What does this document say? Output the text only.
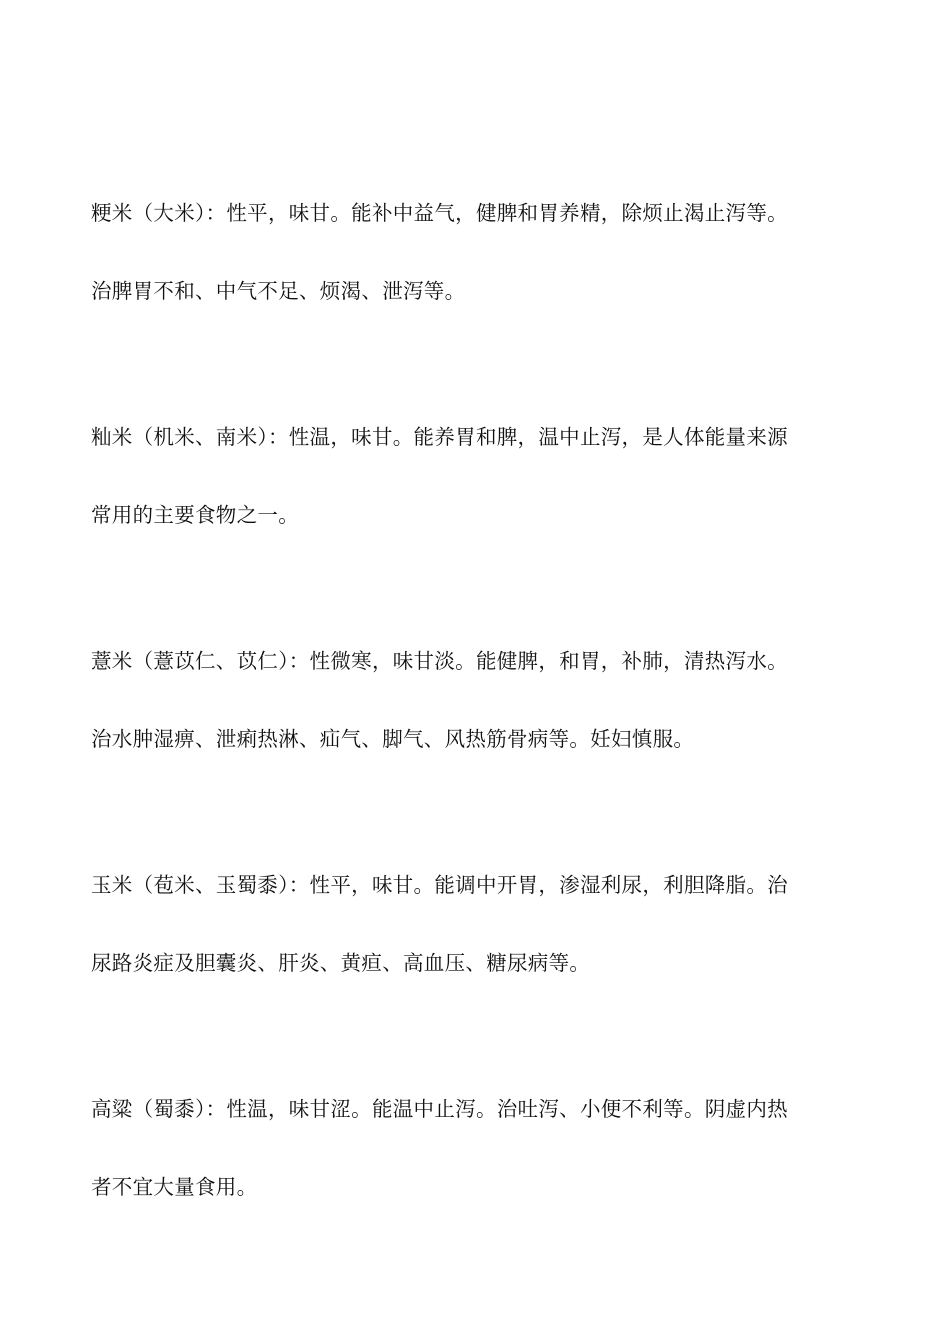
粳米（大米）：性平，味甘。能补中益气，健脾和胃养精，除烦止渴止泻等。
治脾胃不和、中气不足、烦渴、泄泻等。
籼米（机米、南米）：性温，味甘。能养胃和脾，温中止泻，是人体能量来源
常用的主要食物之一。
薏米（薏苡仁、苡仁）：性微寒，味甘淡。能健脾，和胃，补肺，清热泻水。
治水肿湿痹、泄痢热淋、疝气、脚气、风热筋骨病等。妊妇慎服。
玉米（苞米、玉蜀黍）：性平，味甘。能调中开胃，渗湿利尿，利胆降脂。治
尿路炎症及胆囊炎、肝炎、黄疸、高血压、糖尿病等。
高粱（蜀黍）：性温，味甘涩。能温中止泻。治吐泻、小便不利等。阴虚内热
者不宜大量食用。
